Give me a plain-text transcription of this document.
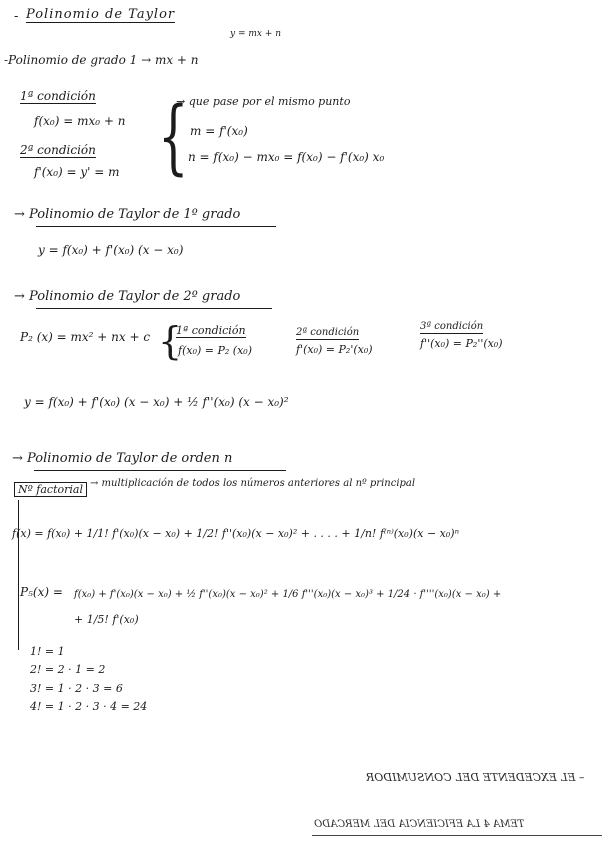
- Polinomio de Taylor
y = mx + n
-Polinomio de grado 1 → mx + n
1ª condición
f(x₀) = mx₀ + n
2ª condición
f'(x₀) = y' = m {
→ que pase por el mismo punto
m = f'(x₀)
n = f(x₀) − mx₀ = f(x₀) − f'(x₀) x₀
→ Polinomio de Taylor de 1º grado
y = f(x₀) + f'(x₀) (x − x₀)
→ Polinomio de Taylor de 2º grado
P₂ (x) = mx² + nx + c {
1ª condición
f(x₀) = P₂ (x₀)
2ª condición
f'(x₀) = P₂'(x₀)
3ª condición
f''(x₀) = P₂''(x₀)
y = f(x₀) + f'(x₀) (x − x₀) + ½ f''(x₀) (x − x₀)²
→ Polinomio de Taylor de orden n
Nº factorial → multiplicación de todos los números anteriores al nº principal
f(x) = f(x₀) + 1/1! f'(x₀)(x − x₀) + 1/2! f''(x₀)(x − x₀)² + . . . . + 1/n! f⁽ⁿ⁾(x₀)(x − x₀)ⁿ
P₅(x) = f(x₀) + f'(x₀)(x − x₀) + ½ f''(x₀)(x − x₀)² + 1/6 f'''(x₀)(x − x₀)³ + 1/24 · f''''(x₀)(x − x₀) +
+ 1/5! f'(x₀)
1! = 1
2! = 2 · 1 = 2
3! = 1 · 2 · 3 = 6
4! = 1 · 2 · 3 · 4 = 24
– EL EXCEDENTE DEL CONSUMIDOR
TEMA 4 LA EFICIENCIA DEL MERCADO
